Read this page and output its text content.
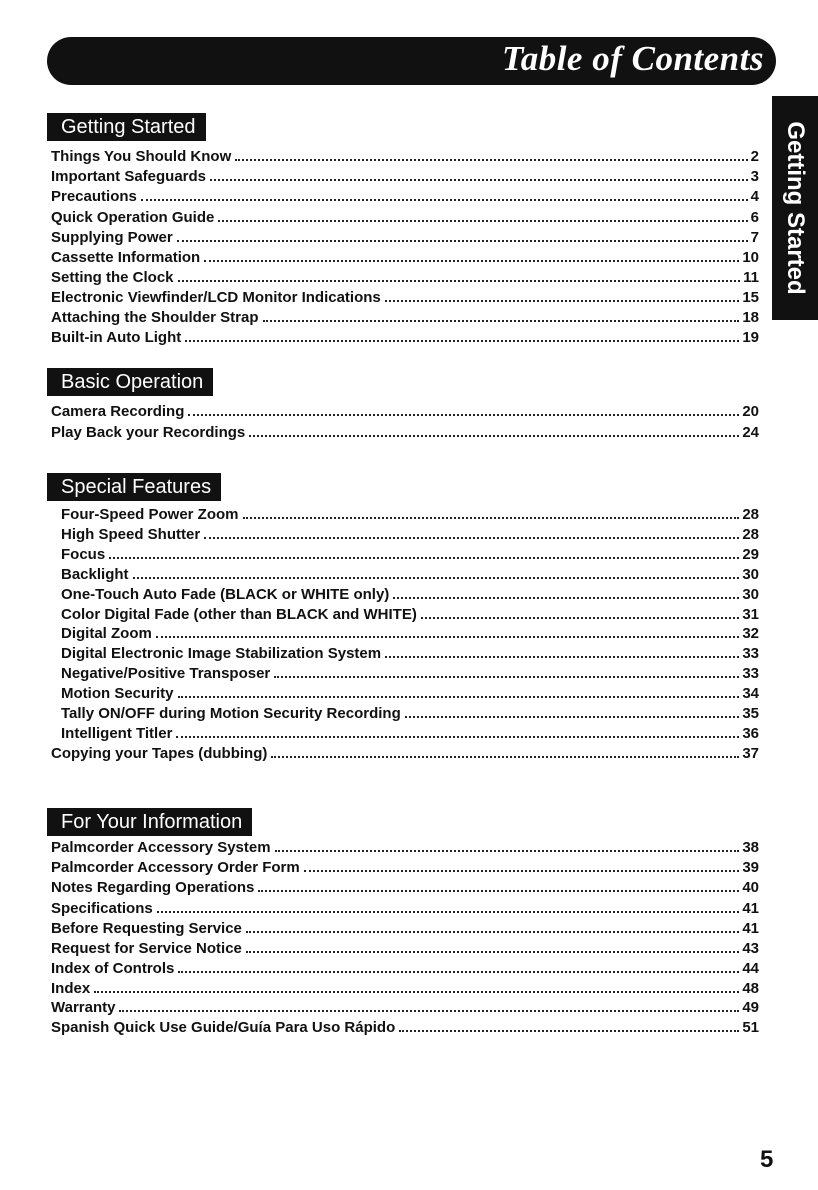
Table of Contents
Getting Started
Getting Started
Things You Should Know	2
Important Safeguards	3
Precautions	4
Quick Operation Guide	6
Supplying Power	7
Cassette Information	10
Setting the Clock	11
Electronic Viewfinder/LCD Monitor Indications	15
Attaching the Shoulder Strap	18
Built-in Auto Light	19
Basic Operation
Camera Recording	20
Play Back your Recordings	24
Special Features
Four-Speed Power Zoom	28
High Speed Shutter	28
Focus	29
Backlight	30
One-Touch Auto Fade (BLACK or WHITE only)	30
Color Digital Fade (other than BLACK and WHITE)	31
Digital Zoom	32
Digital Electronic Image Stabilization System	33
Negative/Positive Transposer	33
Motion Security	34
Tally ON/OFF during Motion Security Recording	35
Intelligent Titler	36
Copying your Tapes (dubbing)	37
For Your Information
Palmcorder Accessory System	38
Palmcorder Accessory Order Form	39
Notes Regarding Operations	40
Specifications	41
Before Requesting Service	41
Request for Service Notice	43
Index of Controls	44
Index	48
Warranty	49
Spanish Quick Use Guide/Guía Para Uso Rápido	51
5
